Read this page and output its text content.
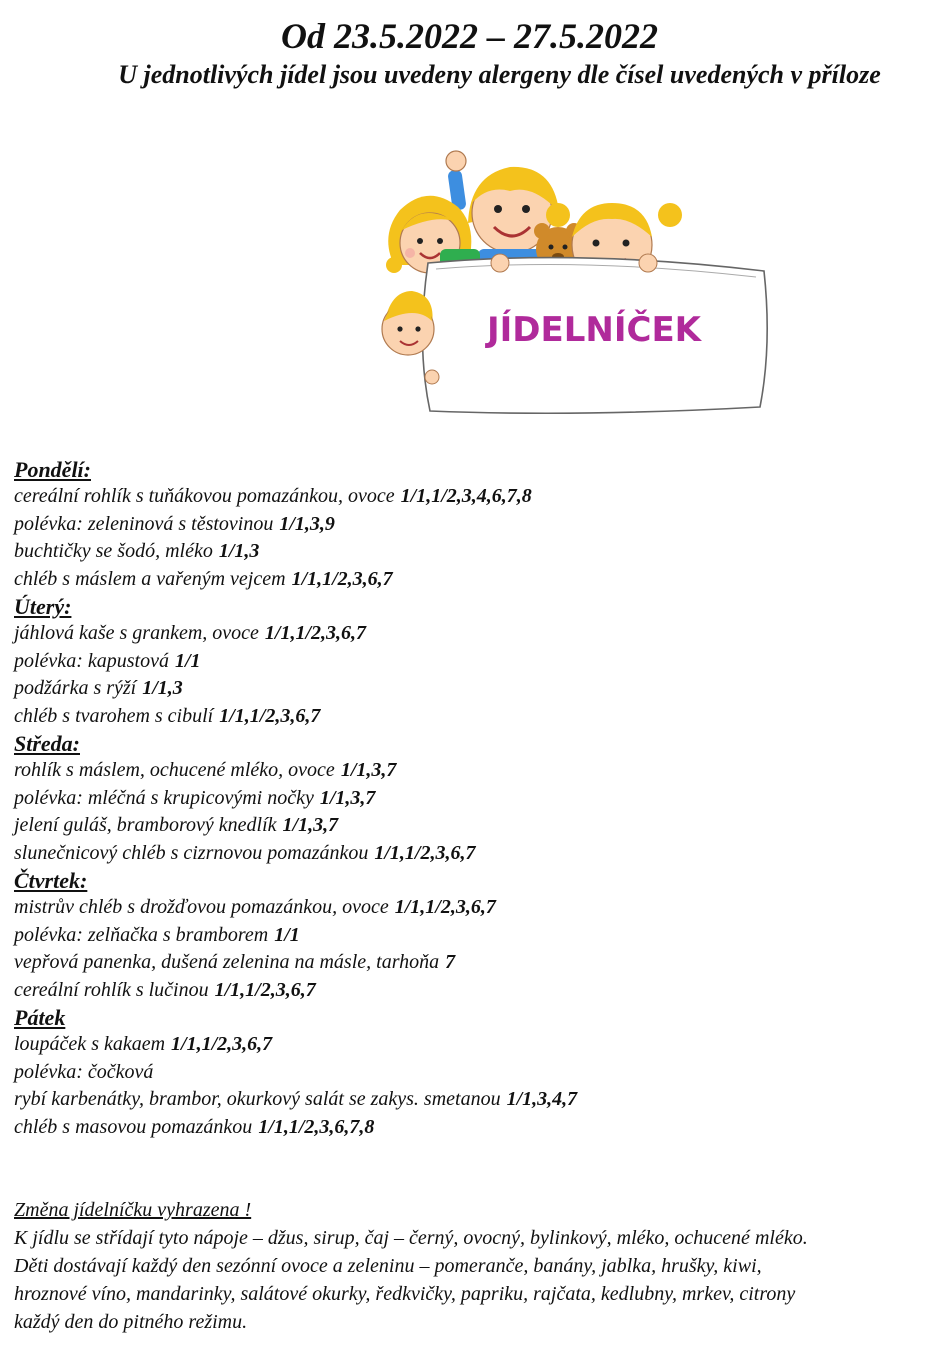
Od 23.5.2022 – 27.5.2022
U jednotlivých jídel jsou uvedeny alergeny dle čísel uvedených v příloze
JÍDELNÍČEK
Pondělí:
cereální rohlík s tuňákovou pomazánkou, ovoce 1/1,1/2,3,4,6,7,8
polévka: zeleninová s těstovinou 1/1,3,9
buchtičky se šodó, mléko 1/1,3
chléb s máslem a vařeným vejcem 1/1,1/2,3,6,7
Úterý:
jáhlová kaše s grankem, ovoce 1/1,1/2,3,6,7
polévka: kapustová 1/1
podžárka s rýží 1/1,3
chléb s tvarohem s cibulí 1/1,1/2,3,6,7
Středa:
rohlík s máslem, ochucené mléko, ovoce 1/1,3,7
polévka: mléčná s krupicovými nočky 1/1,3,7
jelení guláš, bramborový knedlík 1/1,3,7
slunečnicový chléb s cizrnovou pomazánkou 1/1,1/2,3,6,7
Čtvrtek:
mistrův chléb s drožďovou pomazánkou, ovoce 1/1,1/2,3,6,7
polévka: zelňačka s bramborem 1/1
vepřová panenka, dušená zelenina na másle, tarhoňa 7
cereální rohlík s lučinou 1/1,1/2,3,6,7
Pátek
loupáček s kakaem 1/1,1/2,3,6,7
polévka: čočková
rybí karbenátky, brambor, okurkový salát se zakys. smetanou 1/1,3,4,7
chléb s masovou pomazánkou 1/1,1/2,3,6,7,8
Změna jídelníčku vyhrazena !

K jídlu se střídají tyto nápoje – džus, sirup, čaj – černý, ovocný, bylinkový, mléko, ochucené mléko.

Děti dostávají každý den sezónní ovoce a zeleninu – pomeranče, banány, jablka, hrušky, kiwi,

hroznové víno, mandarinky, salátové okurky, ředkvičky, papriku, rajčata, kedlubny, mrkev, citrony

každý den do pitného režimu.
